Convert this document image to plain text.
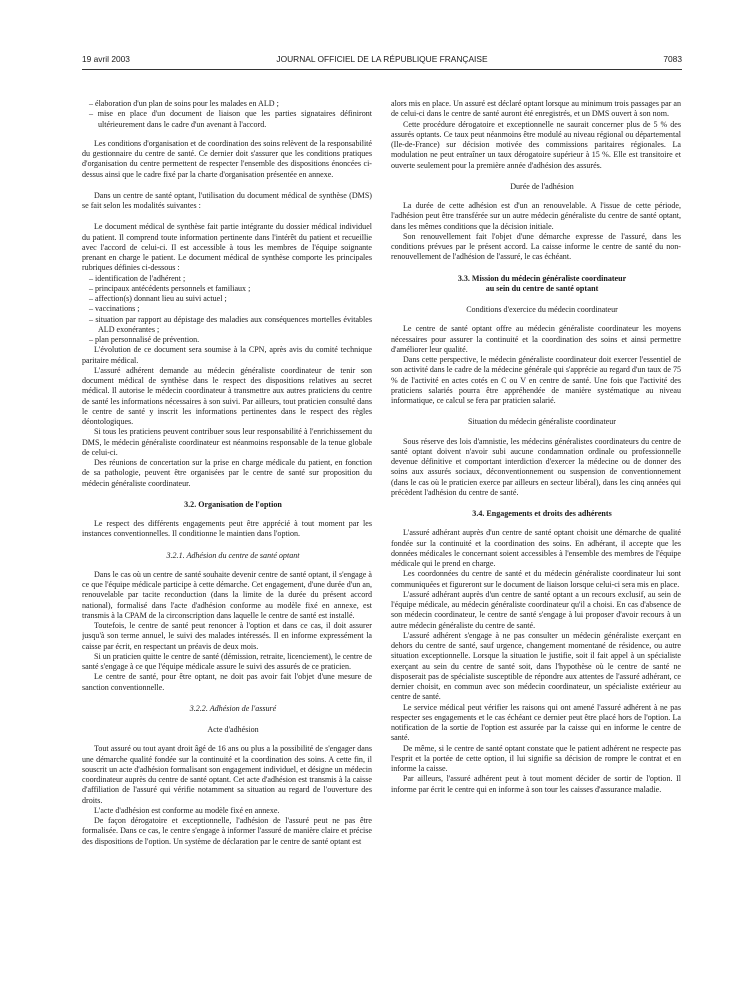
19 avril 2003	JOURNAL OFFICIEL DE LA RÉPUBLIQUE FRANÇAISE	7083
– élaboration d'un plan de soins pour les malades en ALD ;
– mise en place d'un document de liaison que les parties signataires définiront ultérieurement dans le cadre d'un avenant à l'accord.

Les conditions d'organisation et de coordination des soins relèvent de la responsabilité du gestionnaire du centre de santé. Ce dernier doit s'assurer que les conditions pratiques d'organisation du centre permettent de respecter l'ensemble des dispositions énoncées ci-dessus ainsi que le cadre fixé par la charte d'organisation présentée en annexe.

Dans un centre de santé optant, l'utilisation du document médical de synthèse (DMS) se fait selon les modalités suivantes :

Le document médical de synthèse fait partie intégrante du dossier médical individuel du patient. Il comprend toute information pertinente dans l'intérêt du patient et recueillie avec l'accord de celui-ci. Il est accessible à tous les membres de l'équipe soignante prenant en charge le patient. Le document médical de synthèse comporte les principales rubriques définies ci-dessous :

– identification de l'adhérent ;
– principaux antécédents personnels et familiaux ;
– affection(s) donnant lieu au suivi actuel ;
– vaccinations ;
– situation par rapport au dépistage des maladies aux conséquences mortelles évitables ALD exonérantes ;
– plan personnalisé de prévention.

L'évolution de ce document sera soumise à la CPN, après avis du comité technique paritaire médical.

L'assuré adhérent demande au médecin généraliste coordinateur de tenir son document médical de synthèse dans le respect des dispositions relatives au secret médical. Il autorise le médecin coordinateur à transmettre aux autres praticiens du centre de santé les informations nécessaires à son suivi. Par ailleurs, tout praticien consulté dans le centre de santé y inscrit les informations pertinentes dans le respect des règles déontologiques.

Si tous les praticiens peuvent contribuer sous leur responsabilité à l'enrichissement du DMS, le médecin généraliste coordinateur est néanmoins responsable de la tenue globale de celui-ci.

Des réunions de concertation sur la prise en charge médicale du patient, en fonction de sa pathologie, peuvent être organisées par le centre de santé sur proposition du médecin généraliste coordinateur.

3.2. Organisation de l'option

Le respect des différents engagements peut être apprécié à tout moment par les instances conventionnelles. Il conditionne le maintien dans l'option.

3.2.1. Adhésion du centre de santé optant

Dans le cas où un centre de santé souhaite devenir centre de santé optant, il s'engage à ce que l'équipe médicale participe à cette démarche. Cet engagement, d'une durée d'un an, renouvelable par tacite reconduction (dans la limite de la durée du présent accord national), formalisé dans l'acte d'adhésion conforme au modèle fixé en annexe, est transmis à la CPAM de la circonscription dans laquelle le centre de santé est installé.

Toutefois, le centre de santé peut renoncer à l'option et dans ce cas, il doit assurer jusqu'à son terme annuel, le suivi des malades intéressés. Il en informe expressément la caisse par écrit, en respectant un préavis de deux mois.

Si un praticien quitte le centre de santé (démission, retraite, licenciement), le centre de santé s'engage à ce que l'équipe médicale assure le suivi des assurés de ce praticien.

Le centre de santé, pour être optant, ne doit pas avoir fait l'objet d'une mesure de sanction conventionnelle.

3.2.2. Adhésion de l'assuré

Acte d'adhésion

Tout assuré ou tout ayant droit âgé de 16 ans ou plus a la possibilité de s'engager dans une démarche qualité fondée sur la continuité et la coordination des soins. A cette fin, il souscrit un acte d'adhésion formalisant son engagement individuel, et désigne un médecin coordinateur auprès du centre de santé optant. Cet acte d'adhésion est transmis à la caisse d'affiliation de l'assuré qui vérifie notamment sa situation au regard de l'ouverture des droits.

L'acte d'adhésion est conforme au modèle fixé en annexe.

De façon dérogatoire et exceptionnelle, l'adhésion de l'assuré peut ne pas être formalisée. Dans ce cas, le centre s'engage à informer l'assuré de manière claire et précise des dispositions de l'option. Un système de déclaration par le centre de santé optant est

alors mis en place. Un assuré est déclaré optant lorsque au minimum trois passages par an de celui-ci dans le centre de santé auront été enregistrés, et un DMS ouvert à son nom.

Cette procédure dérogatoire et exceptionnelle ne saurait concerner plus de 5 % des assurés optants. Ce taux peut néanmoins être modulé au niveau régional ou départemental (Ile-de-France) sur décision motivée des commissions paritaires régionales. La modulation ne peut entraîner un taux dérogatoire supérieur à 15 %. Elle est transitoire et ouverte seulement pour la première année d'adhésion des assurés.

Durée de l'adhésion

La durée de cette adhésion est d'un an renouvelable. A l'issue de cette période, l'adhésion peut être transférée sur un autre médecin généraliste du centre de santé optant, dans les mêmes conditions que la décision initiale.

Son renouvellement fait l'objet d'une démarche expresse de l'assuré, dans les conditions prévues par le présent accord. La caisse informe le centre de santé du non-renouvellement de l'adhésion de l'assuré, le cas échéant.

3.3. Mission du médecin généraliste coordinateur

au sein du centre de santé optant

Conditions d'exercice du médecin coordinateur

Le centre de santé optant offre au médecin généraliste coordinateur les moyens nécessaires pour assurer la continuité et la coordination des soins et ainsi permettre d'améliorer leur qualité.

Dans cette perspective, le médecin généraliste coordinateur doit exercer l'essentiel de son activité dans le cadre de la médecine générale qui s'apprécie au regard d'un taux de 75 % de l'activité en actes cotés en C ou V en centre de santé. Une fois que l'activité des praticiens salariés pourra être appréhendée de manière systématique au niveau informatique, ce calcul se fera par praticien salarié.

Situation du médecin généraliste coordinateur

Sous réserve des lois d'amnistie, les médecins généralistes coordinateurs du centre de santé optant doivent n'avoir subi aucune condamnation ordinale ou professionnelle devenue définitive et comportant interdiction d'exercer la médecine ou de donner des soins aux assurés sociaux, déconventionnement ou suspension de conventionnement (dans le cas où le praticien exerce par ailleurs en secteur libéral), dans les cinq années qui précèdent l'adhésion du centre de santé.

3.4. Engagements et droits des adhérents

L'assuré adhérant auprès d'un centre de santé optant choisit une démarche de qualité fondée sur la continuité et la coordination des soins. En adhérant, il accepte que les données médicales le concernant soient accessibles à l'ensemble des membres de l'équipe médicale qui le prend en charge.

Les coordonnées du centre de santé et du médecin généraliste coordinateur lui sont communiquées et figureront sur le document de liaison lorsque celui-ci sera mis en place.

L'assuré adhérant auprès d'un centre de santé optant a un recours exclusif, au sein de l'équipe médicale, au médecin généraliste coordinateur qu'il a choisi. En cas d'absence de son médecin coordinateur, le centre de santé s'engage à lui proposer d'avoir recours à un autre médecin généraliste du centre de santé.

L'assuré adhérent s'engage à ne pas consulter un médecin généraliste exerçant en dehors du centre de santé, sauf urgence, changement momentané de résidence, ou autre situation exceptionnelle. Lorsque la situation le justifie, soit il fait appel à un spécialiste exerçant au sein du centre de santé soit, dans l'hypothèse où le centre de santé ne disposerait pas de spécialiste susceptible de répondre aux attentes de l'assuré adhérant, ce dernier choisit, en commun avec son médecin coordinateur, un spécialiste extérieur au centre de santé.

Le service médical peut vérifier les raisons qui ont amené l'assuré adhérent à ne pas respecter ses engagements et le cas échéant ce dernier peut être placé hors de l'option. La notification de la sortie de l'option est assurée par la caisse qui en informe le centre de santé.

De même, si le centre de santé optant constate que le patient adhérent ne respecte pas l'esprit et la portée de cette option, il lui signifie sa décision de rompre le contrat et en informe la caisse.

Par ailleurs, l'assuré adhérent peut à tout moment décider de sortir de l'option. Il informe par écrit le centre qui en informe à son tour les caisses d'assurance maladie.
